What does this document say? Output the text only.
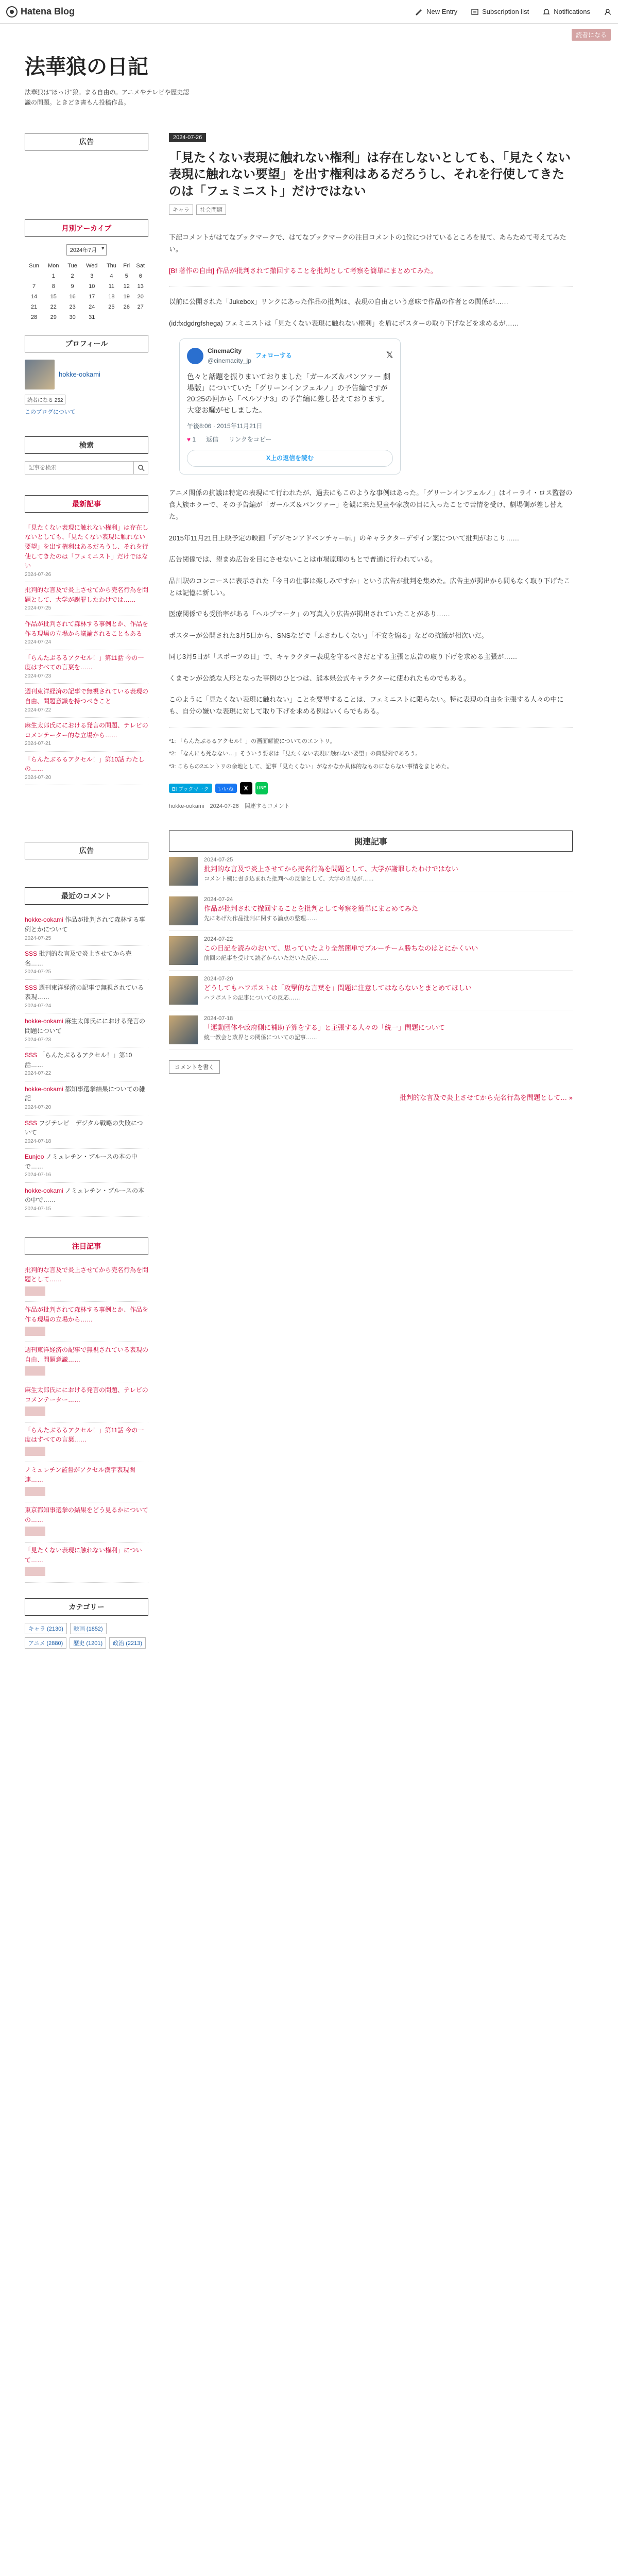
Hatena Blog	New Entry	Subscription list	Notifications
読者になる
法華狼の日記
法華狼は"ほっけ"狼。まる自由の。アニメやテレビや歴史認識の問題。ときどき書もん投稿作品。
広告
月別アーカイブ
2024年7月 ▾
Sun	Mon	Tue	Wed	Thu	Fri	Sat
	1	2	3	4	5	6
7	8	9	10	11	12	13
14	15	16	17	18	19	20
21	22	23	24	25	26	27
28	29	30	31			
プロフィール
hokke-ookami
読者になる 252
このブログについて
検索
記事を検索
最新記事
「見たくない表現に触れない権利」は存在しないとしても、「見たくない表現に触れない要望」を出す権利はあるだろうし、それを行使してきたのは「フェミニスト」だけではない
2024-07-26
批判的な言及で炎上させてから売名行為を問題として、大学が謝罪したわけでは……
2024-07-25
作品が批判されて森林する事例とか、作品を作る現場の立場から議論されることもある
2024-07-24
「らんたぶるるアクセル！」第11話 今の一度はすべての言葉を……
2024-07-23
週刊東洋経済の記事で無視されている表現の自由、問題意識を持つべきこと
2024-07-22
麻生太郎氏ににおける発言の問題、テレビのコメンテーター的な立場から……
2024-07-21
「らんたぶるるアクセル！」第10話 わたしの……
2024-07-20
広告
最近のコメント
hokke-ookami 作品が批判されて森林する事例とかについて
2024-07-25
SSS 批判的な言及で炎上させてから売名……
2024-07-25
SSS 週刊東洋経済の記事で無視されている表現……
2024-07-24
hokke-ookami 麻生太郎氏ににおける発言の問題について
2024-07-23
SSS 「らんたぶるるアクセル！」第10話……
2024-07-22
hokke-ookami 都知事選挙結果についての雑記
2024-07-20
SSS フジテレビ　デジタル戦略の失敗について
2024-07-18
Eunjeo ノミュレチン・ブルースの本の中で……
2024-07-16
hokke-ookami ノミュレチン・ブルースの本の中で……
2024-07-15
注目記事
批判的な言及で炎上させてから売名行為を問題として……
作品が批判されて森林する事例とか、作品を作る現場の立場から……
週刊東洋経済の記事で無視されている表現の自由、問題意識……
麻生太郎氏ににおける発言の問題、テレビのコメンテーター……
「らんたぶるるアクセル！」第11話 今の一度はすべての言葉……
ノミュレチン監督がアクセル漢字表現関連……
東京都知事選挙の結果をどう見るかについての……
「見たくない表現に触れない権利」について……
カテゴリー
キャラ (2130)	映画 (1852)
アニメ (2880)	歴史 (1201)	政治 (2213)
2024-07-26
「見たくない表現に触れない権利」は存在しないとしても、「見たくない表現に触れない要望」を出す権利はあるだろうし、それを行使してきたのは「フェミニスト」だけではない
キャラ	社会問題

下記コメントがはてなブックマークで、はてなブックマークの注目コメントの1位につけているところを見て、あらためて考えてみたい。

[B! 著作の自由] 作品が批判されて撤回することを批判として考察を簡単にまとめてみた。

以前に公開された「Jukebox」リンクにあった作品の批判は、表現の自由という意味で作品の作者との関係が……

(id:fxdgdrgfshega) フェミニストは「見たくない表現に触れない権利」を盾にポスターの取り下げなどを求めるが……

CinemaCity
@cinemacity_jp
フォローする	𝕏
色々と話題を振りまいておりました「ガールズ＆パンツァー 劇場版」についていた「グリーンインフェルノ」の予告編ですが20:25の回から「ベルソナ3」の予告編に差し替えております。大変お騒がせしました。
午後8:06 · 2015年11月21日
♥ 1 返信 リンクをコピー
X上の返信を読む

アニメ関係の抗議は特定の表現にて行われたが、過去にもこのような事例はあった。「グリーンインフェルノ」はイーライ・ロス監督の食人族ホラーで、その予告編が「ガールズ＆パンツァー」を観に来た児童や家族の目に入ったことで苦情を受け、劇場側が差し替えた。

2015年11月21日上映予定の映画「デジモンアドベンチャーtri.」のキャラクターデザイン案について批判がおこり……

広告関係では、望まぬ広告を目にさせないことは市場原理のもとで普通に行われている。

品川駅のコンコースに表示された「今日の仕事は楽しみですか」という広告が批判を集めた。広告主が掲出から間もなく取り下げたことは記憶に新しい。

医療関係でも受胎率がある「ヘルプマーク」の写真入り広告が掲出されていたことがあり……

ポスターが公開された3月5日から、SNSなどで「ふさわしくない」「不安を煽る」などの抗議が相次いだ。

同じ3月5日が「スポーツの日」で、キャラクター表現を守るべきだとする主張と広告の取り下げを求める主張が……

くまモンが公認な人形となった事例のひとつは、熊本県公式キャラクターに使われたものでもある。

このように「見たくない表現に触れない」ことを要望することは、フェミニストに限らない。特に表現の自由を主張する人々の中にも、自分の嫌いな表現に対して取り下げを求める例はいくらでもある。

*1: 「らんたぶるるアクセル！」の画面解説についてのエントリ。
*2: 「なんにも死なない…」そういう要求は「見たくない表現に触れない要望」の典型例であろう。
*3: こちらの2エントリの余地として、記事「見たくない」がなかなか具体的なものにならない事情をまとめた。
B! ブックマーク	いいね	X	LINE
hokke-ookami　2024-07-26　関連するコメント
関連記事
2024-07-25
批判的な言及で炎上させてから売名行為を問題として、大学が謝罪したわけではない
コメント欄に書き込まれた批判への反論として、大学の当局が……
2024-07-24
作品が批判されて撤回することを批判として考察を簡単にまとめてみた
先にあげた作品批判に関する論点の整理……
2024-07-22
この日記を読みのおいて、思っていたより全然簡単でブルーチーム勝ちなのはとにかくいい
前回の記事を受けて読者からいただいた反応……
2024-07-20
どうしてもハフポストは「攻撃的な言葉を」問題に注意してはならないとまとめてほしい
ハフポストの記事についての反応……
2024-07-18
「運動団体や政府側に補助予算をする」と主張する人々の「統一」問題について
統一教会と政界との関係についての記事……
コメントを書く
批判的な言及で炎上させてから売名行為を問題として… »
